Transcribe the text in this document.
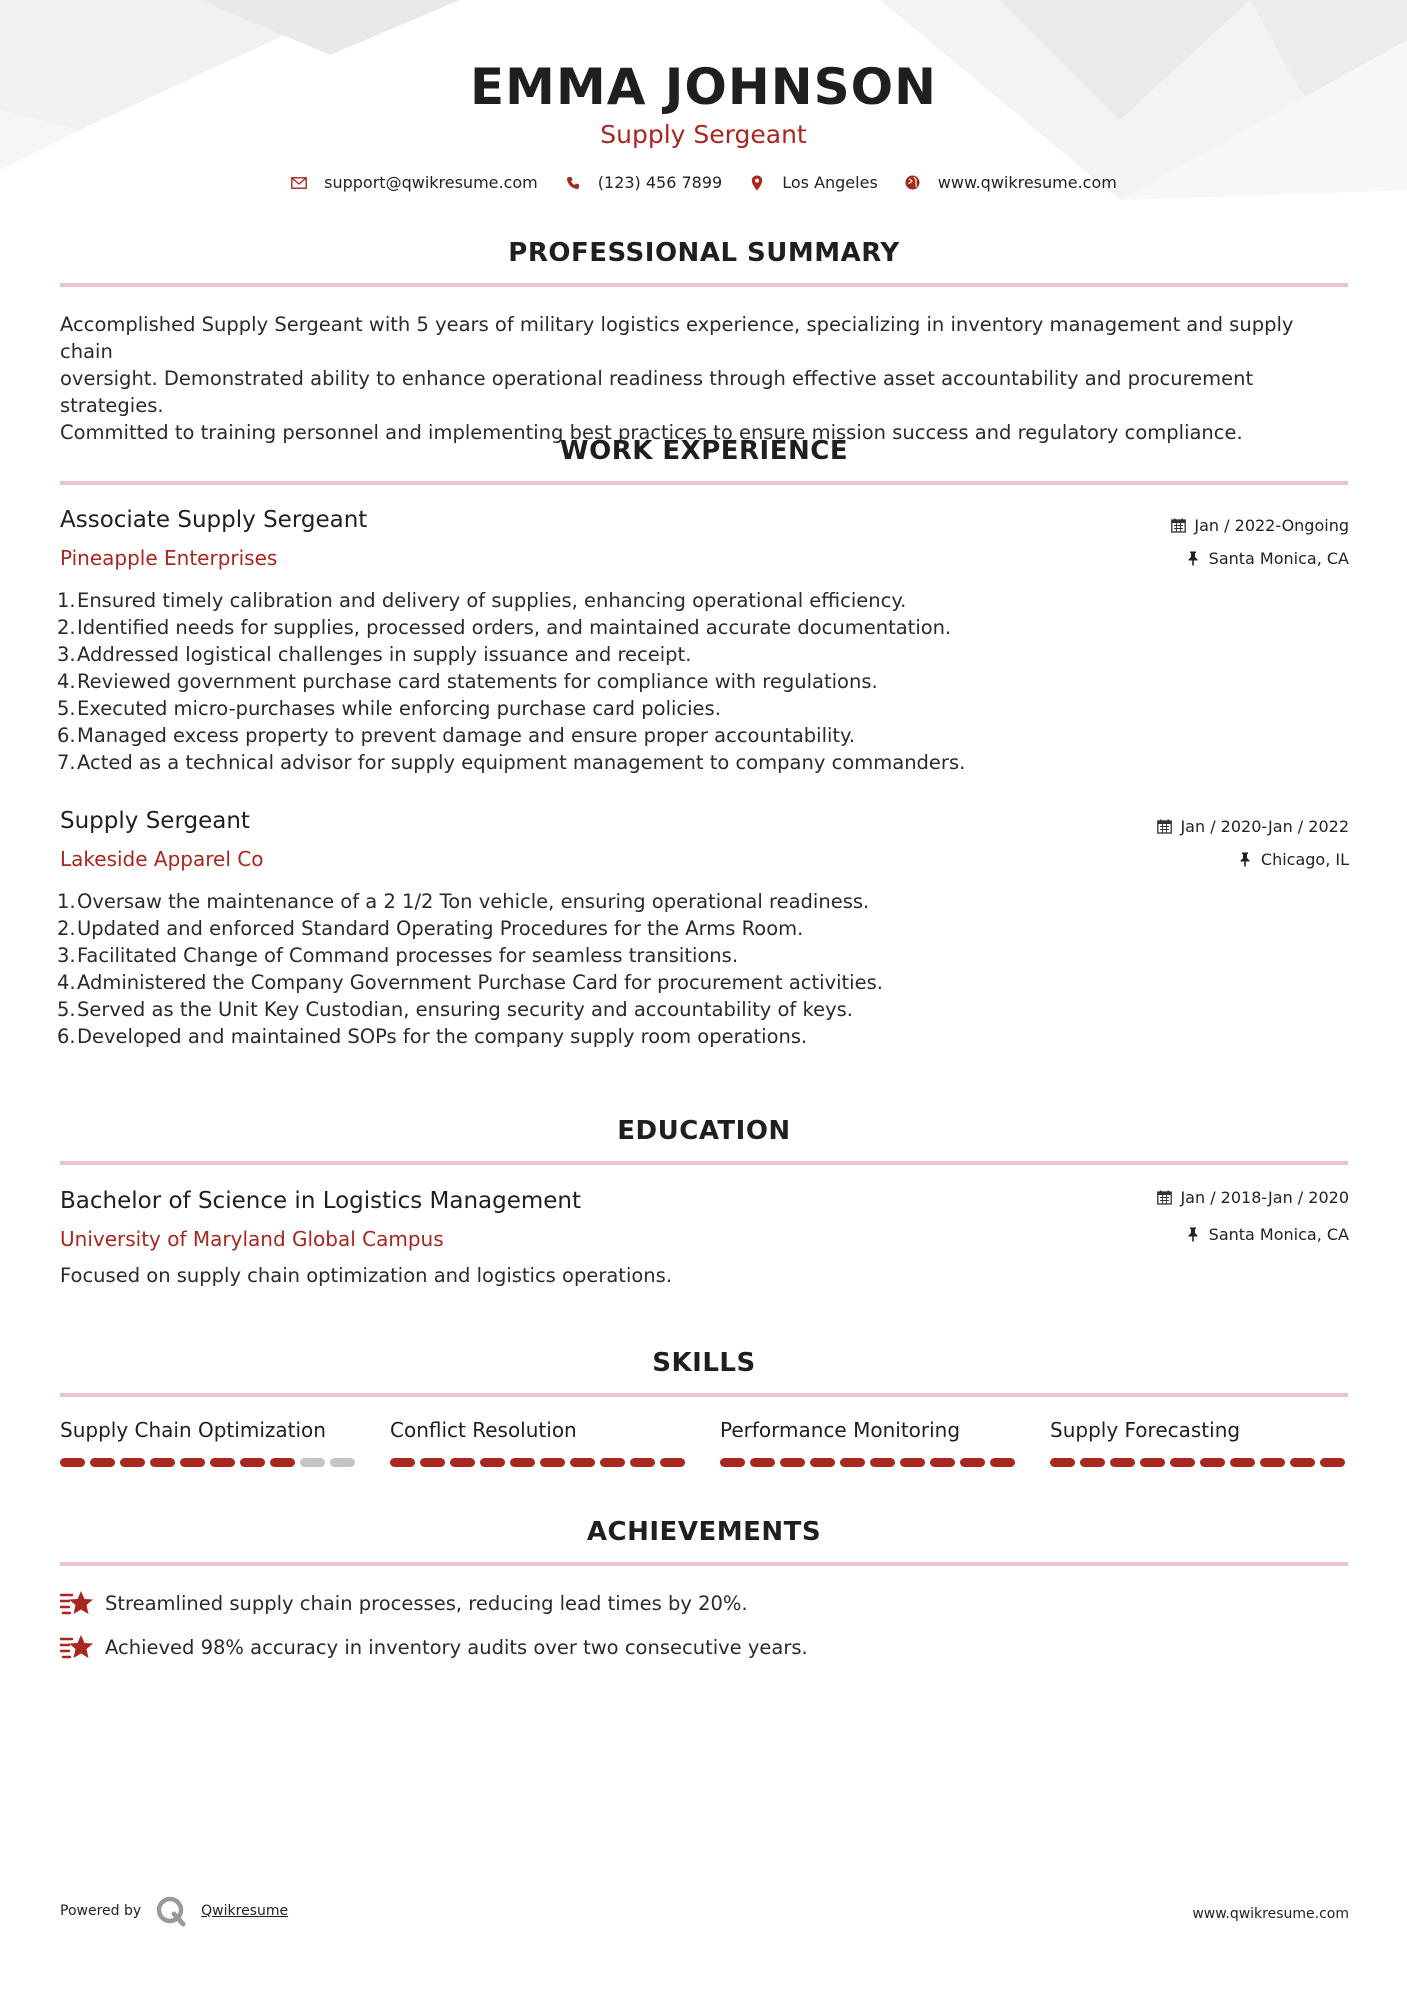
EMMA JOHNSON
Supply Sergeant
support@qwikresume.com	(123) 456 7899	Los Angeles	www.qwikresume.com
PROFESSIONAL SUMMARY
Accomplished Supply Sergeant with 5 years of military logistics experience, specializing in inventory management and supply chain
oversight. Demonstrated ability to enhance operational readiness through effective asset accountability and procurement strategies.
Committed to training personnel and implementing best practices to ensure mission success and regulatory compliance.
WORK EXPERIENCE
Associate Supply Sergeant
Pineapple Enterprises
Jan / 2022-Ongoing
Santa Monica, CA
1. Ensured timely calibration and delivery of supplies, enhancing operational efficiency.
2. Identified needs for supplies, processed orders, and maintained accurate documentation.
3. Addressed logistical challenges in supply issuance and receipt.
4. Reviewed government purchase card statements for compliance with regulations.
5. Executed micro-purchases while enforcing purchase card policies.
6. Managed excess property to prevent damage and ensure proper accountability.
7. Acted as a technical advisor for supply equipment management to company commanders.
Supply Sergeant
Lakeside Apparel Co
Jan / 2020-Jan / 2022
Chicago, IL
1. Oversaw the maintenance of a 2 1/2 Ton vehicle, ensuring operational readiness.
2. Updated and enforced Standard Operating Procedures for the Arms Room.
3. Facilitated Change of Command processes for seamless transitions.
4. Administered the Company Government Purchase Card for procurement activities.
5. Served as the Unit Key Custodian, ensuring security and accountability of keys.
6. Developed and maintained SOPs for the company supply room operations.
EDUCATION
Bachelor of Science in Logistics Management
University of Maryland Global Campus
Jan / 2018-Jan / 2020
Santa Monica, CA
Focused on supply chain optimization and logistics operations.
SKILLS
Supply Chain Optimization	Conflict Resolution	Performance Monitoring	Supply Forecasting
ACHIEVEMENTS
Streamlined supply chain processes, reducing lead times by 20%.
Achieved 98% accuracy in inventory audits over two consecutive years.
Powered by	Qwikresume	www.qwikresume.com
